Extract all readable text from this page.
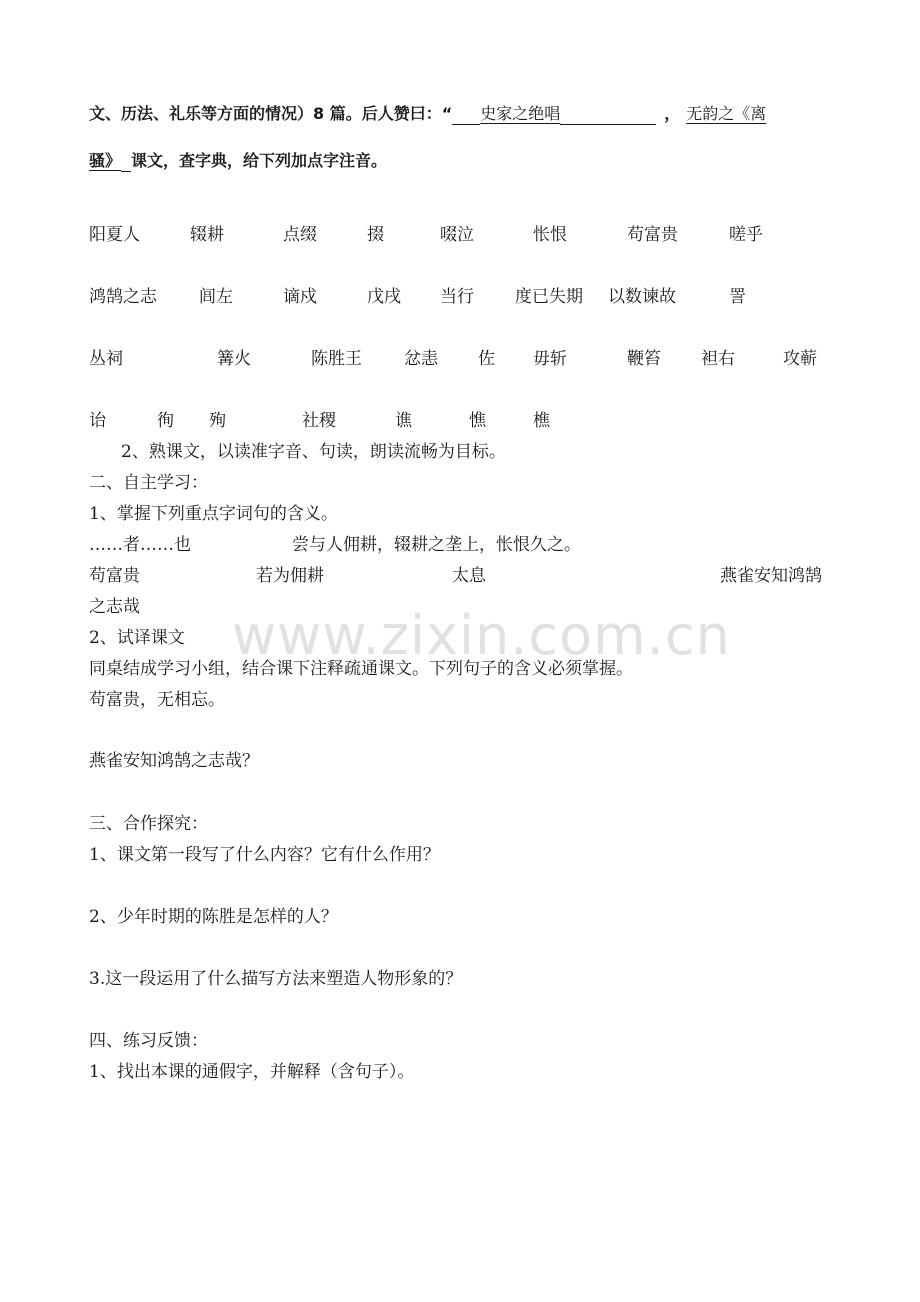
文、历法、礼乐等方面的情况）8 篇。后人赞曰：“ 史家之绝唱	， 无韵之《离
骚》 课文，查字典，给下列加点字注音。
阳夏人	辍耕	点缀	掇	啜泣	怅恨	苟富贵	嗟乎
鸿鹄之志 闾左	谪戍	戊戌 当行 度已失期 以数谏故	詈
丛祠	篝火	陈胜王 忿恚 佐 毋斩	鞭笞 袒右	攻蕲
诒	徇 殉	社稷	谯	憔	樵
2、熟课文，以读准字音、句读，朗读流畅为目标。
二、自主学习：
1、掌握下列重点字词句的含义。
……者……也	尝与人佣耕，辍耕之垄上，怅恨久之。
苟富贵	若为佣耕	太息	燕雀安知鸿鹄
之志哉
2、试译课文
同桌结成学习小组，结合课下注释疏通课文。下列句子的含义必须掌握。
苟富贵，无相忘。
燕雀安知鸿鹄之志哉？
三、合作探究：
1、课文第一段写了什么内容？它有什么作用？
2、少年时期的陈胜是怎样的人？
3.这一段运用了什么描写方法来塑造人物形象的？
四、练习反馈：
1、找出本课的通假字，并解释（含句子）。
www.zixin.com.cn
